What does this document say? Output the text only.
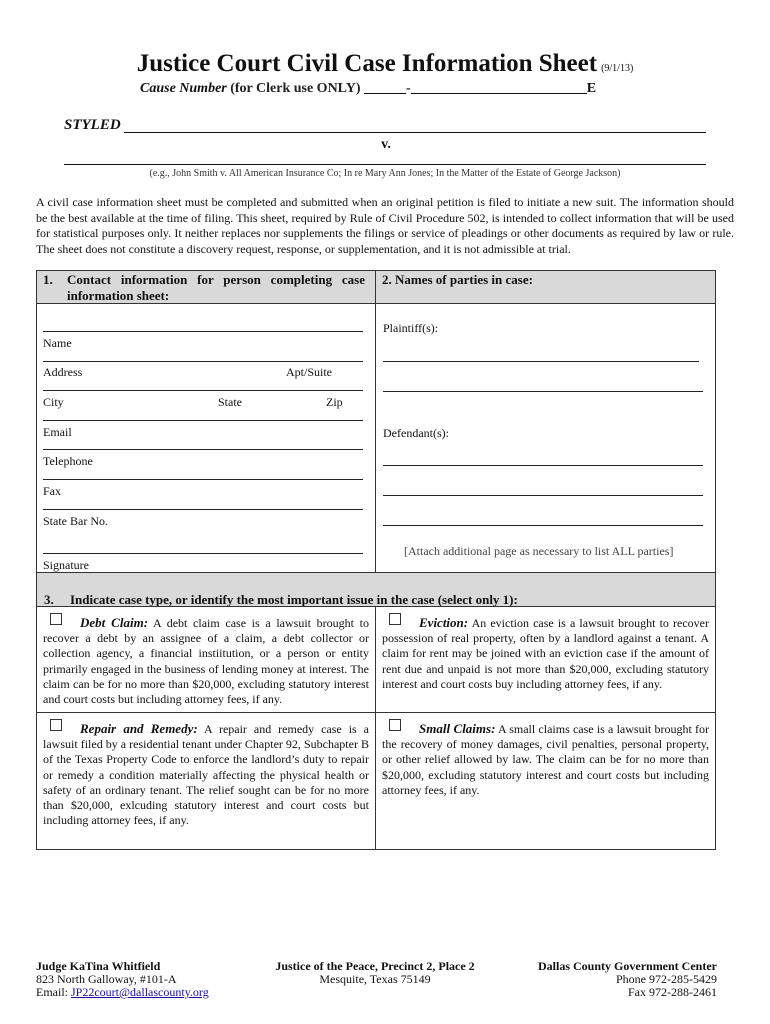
Justice Court Civil Case Information Sheet (9/1/13)
Cause Number (for Clerk use ONLY)	-	E
STYLED
v.
(e.g., John Smith v. All American Insurance Co; In re Mary Ann Jones; In the Matter of the Estate of George Jackson)
A civil case information sheet must be completed and submitted when an original petition is filed to initiate a new suit. The information should be the best available at the time of filing. This sheet, required by Rule of Civil Procedure 502, is intended to collect information that will be used for statistical purposes only. It neither replaces nor supplements the filings or service of pleadings or other documents as required by law or rule. The sheet does not constitute a discovery request, response, or supplementation, and it is not admissible at trial.
1. Contact information for person completing case information sheet:
2. Names of parties in case:
Name
Address	Apt/Suite
City	State	Zip
Email
Telephone
Fax
State Bar No.
Signature
Plaintiff(s):
Defendant(s):
[Attach additional page as necessary to list ALL parties]
3. Indicate case type, or identify the most important issue in the case (select only 1):
Debt Claim: A debt claim case is a lawsuit brought to recover a debt by an assignee of a claim, a debt collector or collection agency, a financial instiitution, or a person or entity primarily engaged in the business of lending money at interest. The claim can be for no more than $20,000, excluding statutory interest and court costs but including attorney fees, if any.
Eviction: An eviction case is a lawsuit brought to recover possession of real property, often by a landlord against a tenant. A claim for rent may be joined with an eviction case if the amount of rent due and unpaid is not more than $20,000, excluding statutory interest and court costs buy including attorney fees, if any.
Repair and Remedy: A repair and remedy case is a lawsuit filed by a residential tenant under Chapter 92, Subchapter B of the Texas Property Code to enforce the landlord’s duty to repair or remedy a condition materially affecting the physical health or safety of an ordinary tenant. The relief sought can be for no more than $20,000, exlcuding statutory interest and court costs but including attorney fees, if any.
Small Claims: A small claims case is a lawsuit brought for the recovery of money damages, civil penalties, personal property, or other relief allowed by law. The claim can be for no more than $20,000, excluding statutory interest and court costs but including attorney fees, if any.
Judge KaTina Whitfield
823 North Galloway, #101-A
Email: JP22court@dallascounty.org
Justice of the Peace, Precinct 2, Place 2
Mesquite, Texas 75149
Dallas County Government Center
Phone 972-285-5429
Fax 972-288-2461
